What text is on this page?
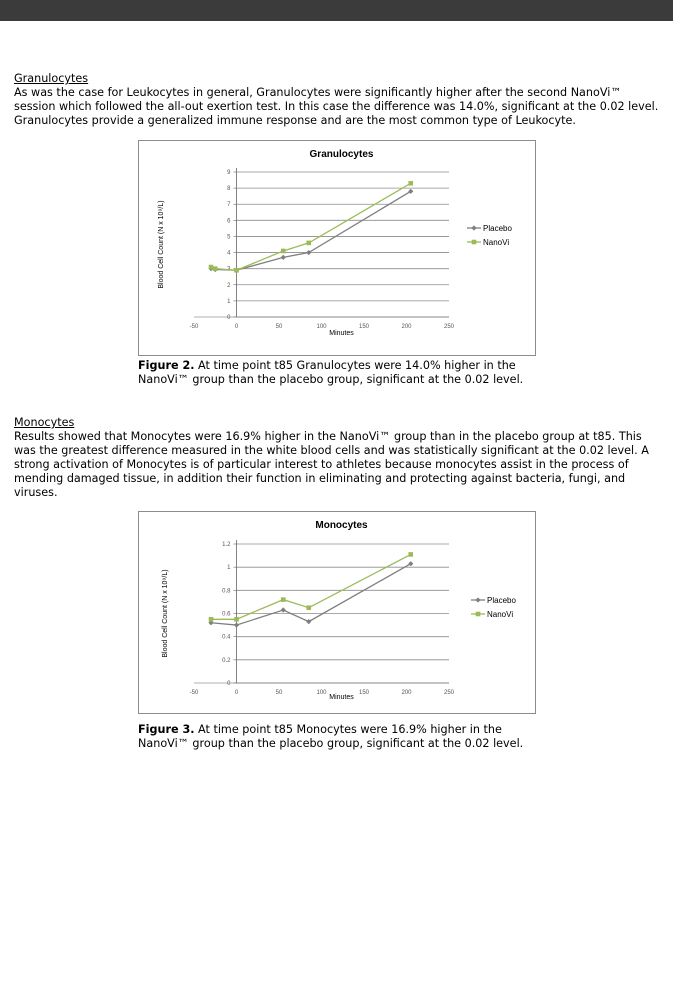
Granulocytes
As was the case for Leukocytes in general, Granulocytes were significantly higher after the second NanoVi™ session which followed the all-out exertion test. In this case the difference was 14.0%, significant at the 0.02 level. Granulocytes provide a generalized immune response and are the most common type of Leukocyte.
Granulocytes
0
1
2
3
4
5
6
7
8
9
-50	0	50	100	150	200	250
Minutes
Blood Cell Count (N x 10⁹/L)	Placebo
NanoVi
Figure 2. At time point t85 Granulocytes were 14.0% higher in the NanoVi™ group than the placebo group, significant at the 0.02 level.
Monocytes
Results showed that Monocytes were 16.9% higher in the NanoVi™ group than in the placebo group at t85. This was the greatest difference measured in the white blood cells and was statistically significant at the 0.02 level. A strong activation of Monocytes is of particular interest to athletes because monocytes assist in the process of mending damaged tissue, in addition their function in eliminating and protecting against bacteria, fungi, and viruses.
Monocytes
0
0.2
0.4
0.6
0.8
1
1.2
-50	0	50	100	150	200	250
Minutes
Blood Cell Count (N x 10⁹/L)	Placebo
NanoVi
Figure 3. At time point t85 Monocytes were 16.9% higher in the NanoVi™ group than the placebo group, significant at the 0.02 level.
